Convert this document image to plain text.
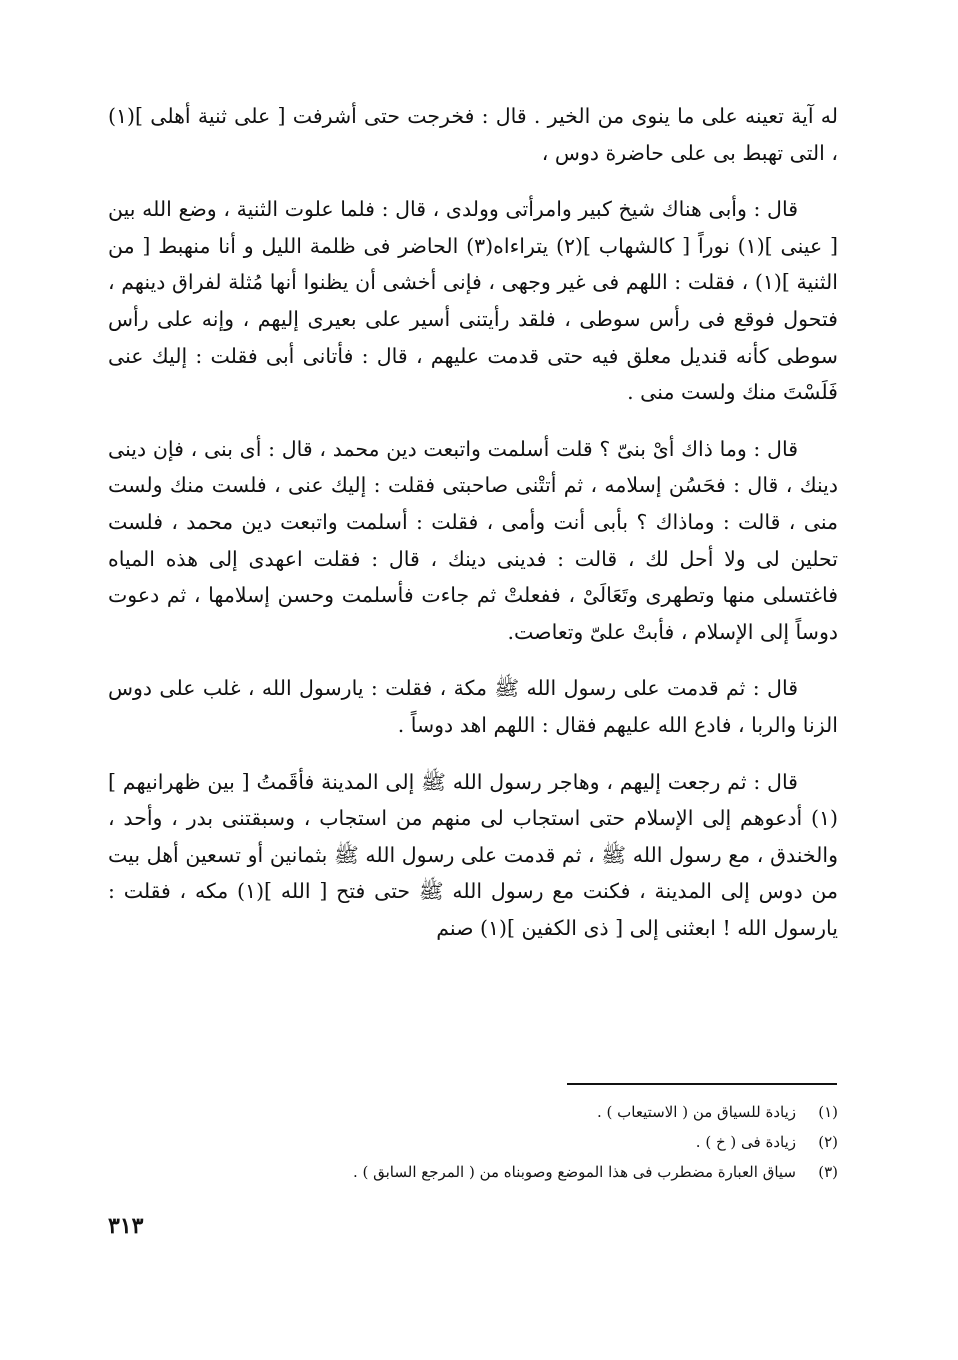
له آية تعينه على ما ينوى من الخير . قال : فخرجت حتى أشرفت [ على ثنية أهلى ](١) ، التى تهبط بى على حاضرة دوس ،

قال : وأبى هناك شيخ كبير وامرأتى وولدى ، قال : فلما علوت الثنية ، وضع الله بين [ عينى ](١) نوراً [ كالشهاب ](٢) يتراءاه(٣) الحاضر فى ظلمة الليل و أنا منهبط [ من الثنية ](١) ، فقلت : اللهم فى غير وجهى ، فإنى أخشى أن يظنوا أنها مُثلة لفراق دينهم ، فتحول فوقع فى رأس سوطى ، فلقد رأيتنى أسير على بعيرى إليهم ، وإنه على رأس سوطى كأنه قنديل معلق فيه حتى قدمت عليهم ، قال : فأتانى أبى فقلت : إليك عنى فَلَسْتَ منك ولست منى .

قال : وما ذاك أىْ بنىّ ؟ قلت أسلمت واتبعت دين محمد ، قال : أى بنى ، فإن دينى دينك ، قال : فحَسُن إسلامه ، ثم أتتْنى صاحبتى فقلت : إليك عنى ، فلست منك ولست منى ، قالت : وماذاك ؟ بأبى أنت وأمى ، فقلت : أسلمت واتبعت دين محمد ، فلست تحلين لى ولا أحل لك ، قالت : فدينى دينك ، قال : فقلت اعهدى إلى هذه المياه فاغتسلى منها وتطهرى وتَعَالَىْ ، ففعلتْ ثم جاءت فأسلمت وحسن إسلامها ، ثم دعوت دوساً إلى الإسلام ، فأبتْ علىّ وتعاصت.

قال : ثم قدمت على رسول الله ﷺ مكة ، فقلت : يارسول الله ، غلب على دوس الزنا والربا ، فادع الله عليهم فقال : اللهم اهد دوساً .

قال : ثم رجعت إليهم ، وهاجر رسول الله ﷺ إلى المدينة فأقَمتُ [ بين ظهرانيهم ](١) أدعوهم إلى الإسلام حتى استجاب لى منهم من استجاب ، وسبقتنى بدر ، وأحد ، والخندق ، مع رسول الله ﷺ ، ثم قدمت على رسول الله ﷺ بثمانين أو تسعين أهل بيت من دوس إلى المدينة ، فكنت مع رسول الله ﷺ حتى فتح [ الله ](١) مكه ، فقلت : يارسول الله ! ابعثنى إلى [ ذى الكفين ](١) صنم

(١)زيادة للسياق من ( الاستيعاب ) .

(٢)زيادة فى ( خ ) .

(٣)سياق العبارة مضطرب فى هذا الموضع وصوبناه من ( المرجع السابق ) .

٣١٣
